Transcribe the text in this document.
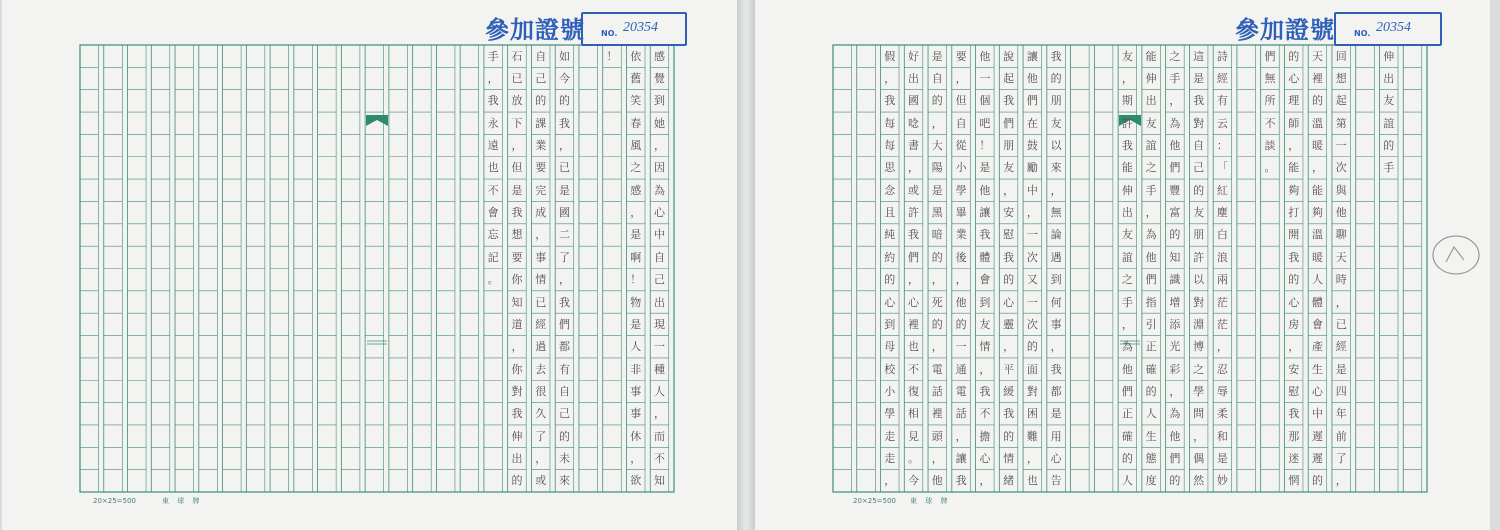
參加證號 NO. 20354
20×25=500	東 球 牌
感
覺
到
她
，
因
為
心
中
自
己
出
現
一
種
人
，
而
不
知
依
舊
笑
春
風
之
感
，
是
啊
！
物
是
人
非
事
事
休
，
欲
！
如
今
的
我
，
已
是
國
二
了
，
我
們
都
有
自
己
的
未
來
自
己
的
課
業
要
完
成
，
事
情
已
經
過
去
很
久
了
，
或
石
已
放
下
，
但
是
我
想
要
你
知
道
，
你
對
我
伸
出
的
手
，
我
永
遠
也
不
會
忘
記
。
參加證號 NO. 20354
20×25=500 東 球 牌
伸
出
友
誼
的
手
回
想
起
第
一
次
與
他
聊
天
時
，
已
經
是
四
年
前
了
，
天
裡
的
溫
暖
，
能
夠
溫
暖
人
體
會
產
生
心
中
遲
遲
的
的
心
理
師
，
能
夠
打
開
我
的
心
房
，
安
慰
我
那
迷
惘
們
無
所
不
談
。
詩
經
有
云
：
「
紅
塵
白
浪
兩
茫
茫
，
忍
辱
柔
和
是
妙
這
是
我
對
自
己
的
友
朋
許
以
對
淵
博
之
學
問
，
偶
然
之
手
，
為
他
們
豐
富
的
知
識
增
添
光
彩
，
為
他
們
的
能
伸
出
友
誼
之
手
，
為
他
們
指
引
正
確
的
人
生
態
度
友
，
期
許
我
能
伸
出
友
誼
之
手
，
為
他
們
正
確
的
人
我
的
朋
友
以
來
，
無
論
遇
到
何
事
，
我
都
是
用
心
告
讓
他
們
在
鼓
勵
中
，
一
次
又
一
次
的
面
對
困
難
，
也
說
起
我
們
朋
友
，
安
慰
我
的
心
靈
，
平
緩
我
的
情
緒
他
一
個
吧
！
是
他
讓
我
體
會
到
友
情
，
我
不
擔
心
，
要
，
但
自
從
小
學
畢
業
後
，
他
的
一
通
電
話
，
讓
我
是
自
的
，
大
陽
是
黑
暗
的
，
死
的
，
電
話
裡
頭
，
他
好
出
國
唸
書
，
或
許
我
們
，
心
裡
也
不
復
相
見
。
今
假
，
我
每
每
思
念
且
純
約
的
心
到
母
校
小
學
走
走
，
